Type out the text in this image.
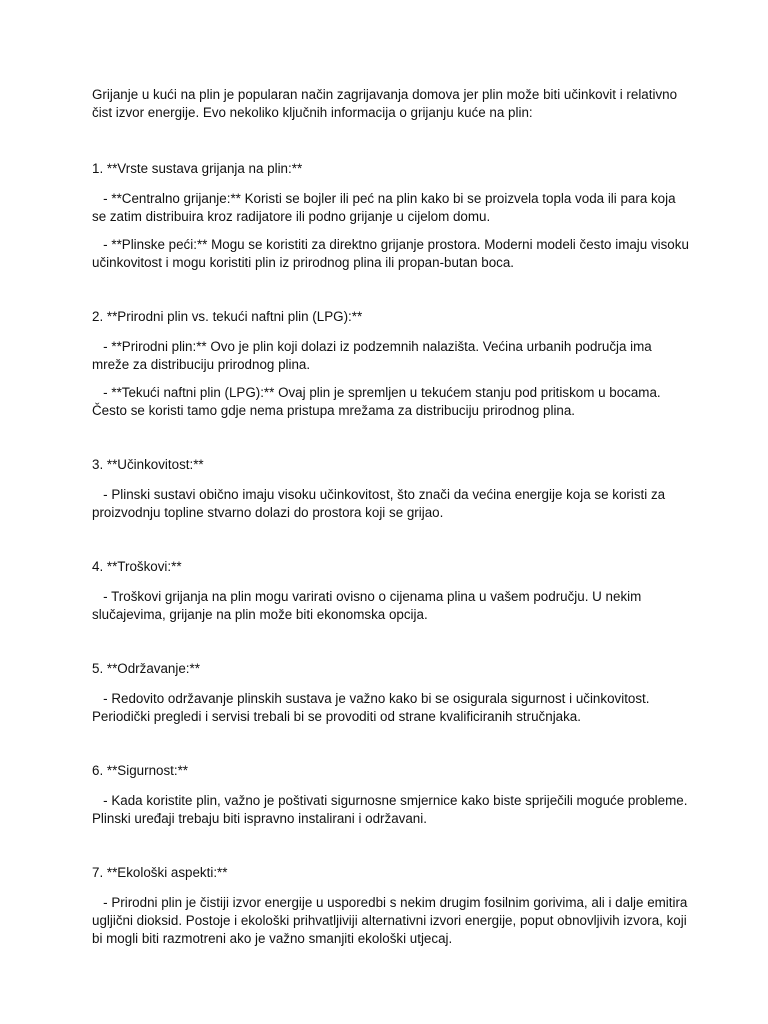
Grijanje u kući na plin je popularan način zagrijavanja domova jer plin može biti učinkovit i relativno čist izvor energije. Evo nekoliko ključnih informacija o grijanju kuće na plin:

1. **Vrste sustava grijanja na plin:**

- **Centralno grijanje:** Koristi se bojler ili peć na plin kako bi se proizvela topla voda ili para koja se zatim distribuira kroz radijatore ili podno grijanje u cijelom domu.

- **Plinske peći:** Mogu se koristiti za direktno grijanje prostora. Moderni modeli često imaju visoku učinkovitost i mogu koristiti plin iz prirodnog plina ili propan-butan boca.

2. **Prirodni plin vs. tekući naftni plin (LPG):**

- **Prirodni plin:** Ovo je plin koji dolazi iz podzemnih nalazišta. Većina urbanih područja ima mreže za distribuciju prirodnog plina.

- **Tekući naftni plin (LPG):** Ovaj plin je spremljen u tekućem stanju pod pritiskom u bocama. Često se koristi tamo gdje nema pristupa mrežama za distribuciju prirodnog plina.

3. **Učinkovitost:**

- Plinski sustavi obično imaju visoku učinkovitost, što znači da većina energije koja se koristi za proizvodnju topline stvarno dolazi do prostora koji se grijao.

4. **Troškovi:**

- Troškovi grijanja na plin mogu varirati ovisno o cijenama plina u vašem području. U nekim slučajevima, grijanje na plin može biti ekonomska opcija.

5. **Održavanje:**

- Redovito održavanje plinskih sustava je važno kako bi se osigurala sigurnost i učinkovitost. Periodički pregledi i servisi trebali bi se provoditi od strane kvalificiranih stručnjaka.

6. **Sigurnost:**

- Kada koristite plin, važno je poštivati sigurnosne smjernice kako biste spriječili moguće probleme. Plinski uređaji trebaju biti ispravno instalirani i održavani.

7. **Ekološki aspekti:**

- Prirodni plin je čistiji izvor energije u usporedbi s nekim drugim fosilnim gorivima, ali i dalje emitira ugljični dioksid. Postoje i ekološki prihvatljiviji alternativni izvori energije, poput obnovljivih izvora, koji bi mogli biti razmotreni ako je važno smanjiti ekološki utjecaj.
